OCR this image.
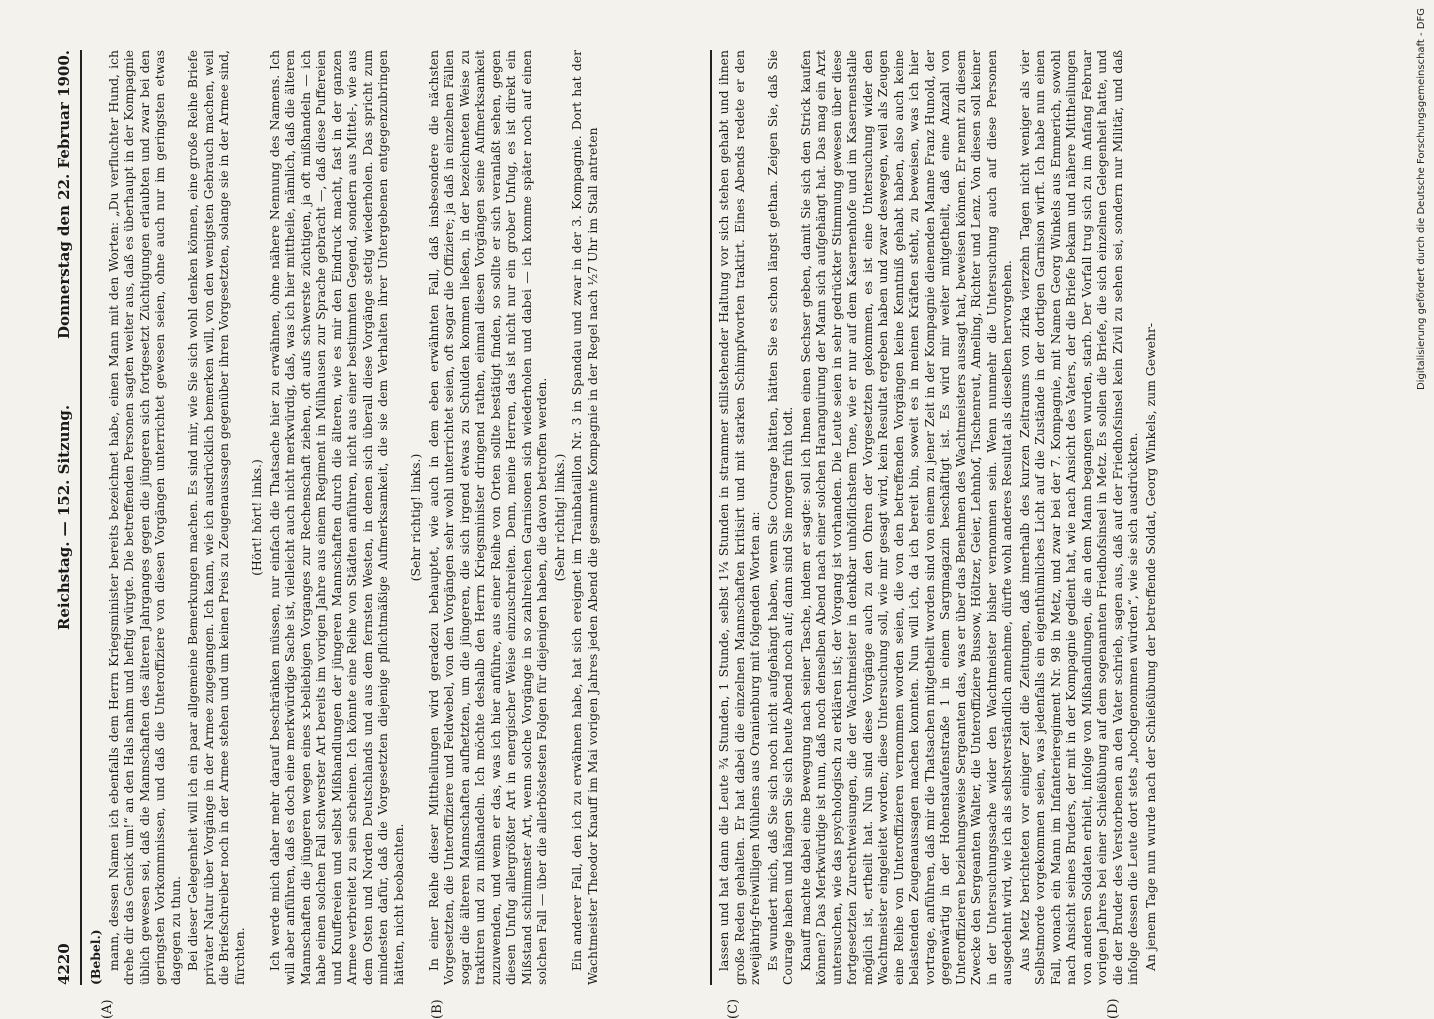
4220
Reichstag. — 152. Sitzung.
Donnerstag den 22. Februar 1900.

(Bebel.) mann, dessen Namen ich ebenfalls dem Herrn Kriegsminister bereits bezeichnet habe, einen Mann mit den Worten: „Du verfluchter Hund, ich drehe dir das Genick um!“ an den Hals nahm und heftig würgte. Die betreffenden Personen sagten weiter aus, daß es überhaupt in der Kompagnie üblich gewesen sei, daß die Mannschaften des älteren Jahrganges gegen die jüngeren sich fortgesetzt Züchtigungen erlaubten und zwar bei den geringsten Vorkommnissen, und daß die Unteroffiziere von diesen Vorgängen unterrichtet gewesen seien, ohne auch nur im geringsten etwas dagegen zu thun. Bei dieser Gelegenheit will ich ein paar allgemeine Bemerkungen machen. Es sind mir, wie Sie sich wohl denken können, eine große Reihe Briefe privater Natur über Vorgänge in der Armee zugegangen. Ich kann, wie ich ausdrücklich bemerken will, von den wenigsten Gebrauch machen, weil die Briefschreiber noch in der Armee stehen und um keinen Preis zu Zeugenaussagen gegenüber ihren Vorgesetzten, solange sie in der Armee sind, fürchten.

(Hört! hört! links.) Ich werde mich daher mehr darauf beschränken müssen, nur einfach die Thatsache hier zu erwähnen, ohne nähere Nennung des Namens. Ich will aber anführen, daß es doch eine merkwürdige Sache ist, vielleicht auch nicht merkwürdig, daß, was ich hier mittheile, nämlich, daß die älteren Mannschaften die jüngeren wegen eines x-beliebigen Vorganges zur Rechenschaft ziehen, oft aufs schwerste züchtigen, ja oft mißhandeln — ich habe einen solchen Fall schwerster Art bereits im vorigen Jahre aus einem Regiment in Mülhausen zur Sprache gebracht —, daß diese Puffereien und Knuffereien und selbst Mißhandlungen der jüngeren Mannschaften durch die älteren, wie es mir den Eindruck macht, fast in der ganzen Armee verbreitet zu sein scheinen. Ich könnte eine Reihe von Städten anführen, nicht aus einer bestimmten Gegend, sondern aus Mittel-, wie aus dem Osten und Norden Deutschlands und aus dem fernsten Westen, in denen sich überall diese Vorgänge stetig wiederholen. Das spricht zum mindesten dafür, daß die Vorgesetzten diejenige pflichtmäßige Aufmerksamkeit, die sie dem Verhalten ihrer Untergebenen entgegenzubringen hätten, nicht beobachten.

(Sehr richtig! links.) In einer Reihe dieser Mittheilungen wird geradezu behauptet, wie auch in dem eben erwähnten Fall, daß insbesondere die nächsten Vorgesetzten, die Unteroffiziere und Feldwebel, von den Vorgängen sehr wohl unterrichtet seien, oft sogar die Offiziere; ja daß in einzelnen Fällen sogar die älteren Mannschaften aufhetzten, um die jüngeren, die sich irgend etwas zu Schulden kommen ließen, in der bezeichneten Weise zu traktiren und zu mißhandeln. Ich möchte deshalb den Herrn Kriegsminister dringend rathen, einmal diesen Vorgängen seine Aufmerksamkeit zuzuwenden, und wenn er das, was ich hier anführe, aus einer Reihe von Orten sollte bestätigt finden, so sollte er sich veranlaßt sehen, gegen diesen Unfug allergrößter Art in energischer Weise einzuschreiten. Denn, meine Herren, das ist nicht nur ein grober Unfug, es ist direkt ein Mißstand schlimmster Art, wenn solche Vorgänge in so zahlreichen Garnisonen sich wiederholen und dabei — ich komme später noch auf einen solchen Fall — über die allerböstesten Folgen für diejenigen haben, die davon betroffen werden. (Sehr richtig! links.) Ein anderer Fall, den ich zu erwähnen habe, hat sich ereignet im Trainbataillon Nr. 3 in Spandau und zwar in der 3. Kompagnie. Dort hat der Wachtmeister Theodor Knauff im Mai vorigen Jahres jeden Abend die gesammte Kompagnie in der Regel nach ½7 Uhr im Stall antreten

(A)	(B)

lassen und hat dann die Leute ¾ Stunden, 1 Stunde, selbst 1¼ Stunden in strammer stillstehender Haltung vor sich stehen gehabt und ihnen große Reden gehalten. Er hat dabei die einzelnen Mannschaften kritisirt und mit starken Schimpfworten traktirt. Eines Abends redete er den zweijährig-freiwilligen Mühlens aus Oranienburg mit folgenden Worten an: Es wundert mich, daß Sie sich noch nicht aufgehängt haben, wenn Sie Courage hätten, hätten Sie es schon längst gethan. Zeigen Sie, daß Sie Courage haben und hängen Sie sich heute Abend noch auf; dann sind Sie morgen früh todt. Knauff machte dabei eine Bewegung nach seiner Tasche, indem er sagte: soll ich Ihnen einen Sechser geben, damit Sie sich den Strick kaufen können? Das Merkwürdige ist nun, daß noch denselben Abend nach einer solchen Haranguirung der Mann sich aufgehängt hat. Das mag ein Arzt untersuchen, wie das psychologisch zu erklären ist; der Vorgang ist vorhanden. Die Leute seien in sehr gedrückter Stimmung gewesen über diese fortgesetzten Zurechtweisungen, die der Wachtmeister in denkbar unhöflichstem Tone, wie er nur auf dem Kasernenhofe und im Kasernenstalle möglich ist, ertheilt hat. Nun sind diese Vorgänge auch zu den Ohren der Vorgesetzten gekommen, es ist eine Untersuchung wider den Wachtmeister eingeleitet worden; diese Untersuchung soll, wie mir gesagt wird, kein Resultat ergeben haben und zwar deswegen, weil als Zeugen eine Reihe von Unteroffizieren vernommen worden seien, die von den betreffenden Vorgängen keine Kenntniß gehabt haben, also auch keine belastenden Zeugenaussagen machen konnten. Nun will ich, da ich bereit bin, soweit es in meinen Kräften steht, zu beweisen, was ich hier vortrage, anführen, daß mir die Thatsachen mitgetheilt worden sind von einem zu jener Zeit in der Kompagnie dienenden Manne Franz Hunold, der gegenwärtig in der Hohenstaufenstraße 1 in einem Sargmagazin beschäftigt ist. Es wird mir weiter mitgetheilt, daß eine Anzahl von Unteroffizieren beziehungsweise Sergeanten das, was er über das Benehmen des Wachtmeisters aussagt hat, beweisen können. Er nennt zu diesem Zwecke den Sergeanten Walter, die Unteroffiziere Bussow, Höltzer, Geier, Lehnhof, Tischenreut, Ameling, Richter und Lenz. Von diesen soll keiner in der Untersuchungssache wider den Wachtmeister bisher vernommen sein. Wenn nunmehr die Untersuchung auch auf diese Personen ausgedehnt wird, wie ich als selbstverständlich annehme, dürfte wohl anderes Resultat als dieselben hervorgehen. Aus Metz berichteten vor einiger Zeit die Zeitungen, daß innerhalb des kurzen Zeitraums von zirka vierzehn Tagen nicht weniger als vier Selbstmorde vorgekommen seien, was jedenfalls ein eigenthümliches Licht auf die Zustände in der dortigen Garnison wirft. Ich habe nun einen Fall, wonach ein Mann im Infanterieregiment Nr. 98 in Metz, und zwar bei der 7. Kompagnie, mit Namen Georg Winkels aus Emmerich, sowohl nach Ansicht seines Bruders, der mit in der Kompagnie gedient hat, wie nach Ansicht des Vaters, der die Briefe bekam und nähere Mittheilungen von anderen Soldaten erhielt, infolge von Mißhandlungen, die an dem Mann begangen wurden, starb. Der Vorfall trug sich zu im Anfang Februar vorigen Jahres bei einer Schießübung auf dem sogenannten Friedhofsinsel in Metz. Es sollen die Briefe, die sich einzelnen Gelegenheit hatte, und die der Bruder des Verstorbenen an den Vater schrieb, sagen aus, daß auf der Friedhofsinsel kein Zivil zu sehen sei, sondern nur Militär, und daß infolge dessen die Leute dort stets „hochgenommen würden“, wie sie sich ausdrückten. An jenem Tage nun wurde nach der Schießübung der betreffende Soldat, Georg Winkels, zum Gewehr-

(C)	(D)
Digitalisierung gefördert durch die Deutsche Forschungsgemeinschaft - DFG
